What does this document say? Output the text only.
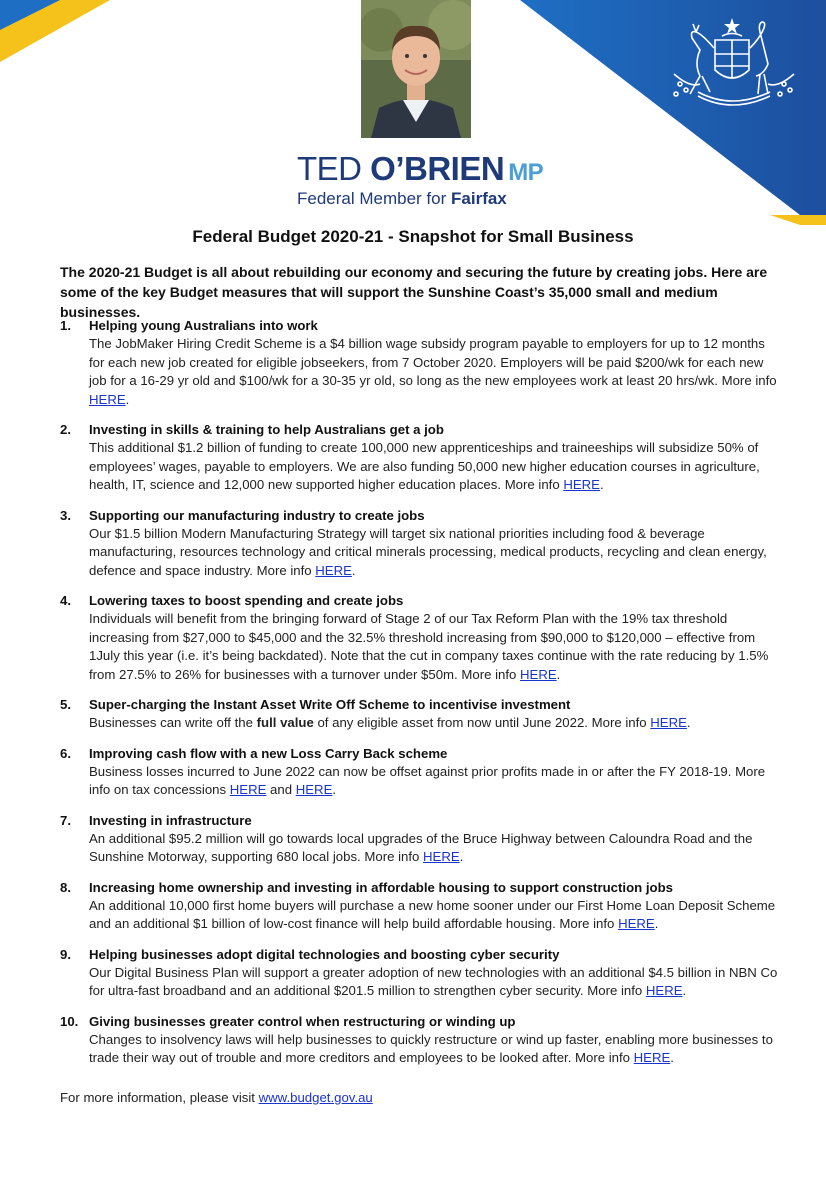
TED O’BRIEN MP
Federal Member for Fairfax
Federal Budget 2020-21 - Snapshot for Small Business
The 2020-21 Budget is all about rebuilding our economy and securing the future by creating jobs. Here are some of the key Budget measures that will support the Sunshine Coast’s 35,000 small and medium businesses.
1.	Helping young Australians into work
The JobMaker Hiring Credit Scheme is a $4 billion wage subsidy program payable to employers for up to 12 months for each new job created for eligible jobseekers, from 7 October 2020. Employers will be paid $200/wk for each new job for a 16-29 yr old and $100/wk for a 30-35 yr old, so long as the new employees work at least 20 hrs/wk. More info HERE.
2.	Investing in skills & training to help Australians get a job
This additional $1.2 billion of funding to create 100,000 new apprenticeships and traineeships will subsidize 50% of employees’ wages, payable to employers. We are also funding 50,000 new higher education courses in agriculture, health, IT, science and 12,000 new supported higher education places. More info HERE.
3.	Supporting our manufacturing industry to create jobs
Our $1.5 billion Modern Manufacturing Strategy will target six national priorities including food & beverage manufacturing, resources technology and critical minerals processing, medical products, recycling and clean energy, defence and space industry. More info HERE.
4.	Lowering taxes to boost spending and create jobs
Individuals will benefit from the bringing forward of Stage 2 of our Tax Reform Plan with the 19% tax threshold increasing from $27,000 to $45,000 and the 32.5% threshold increasing from $90,000 to $120,000 – effective from 1July this year (i.e. it’s being backdated). Note that the cut in company taxes continue with the rate reducing by 1.5% from 27.5% to 26% for businesses with a turnover under $50m. More info HERE.
5.	Super-charging the Instant Asset Write Off Scheme to incentivise investment
Businesses can write off the full value of any eligible asset from now until June 2022. More info HERE.
6.	Improving cash flow with a new Loss Carry Back scheme
Business losses incurred to June 2022 can now be offset against prior profits made in or after the FY 2018-19. More info on tax concessions HERE and HERE.
7.	Investing in infrastructure
An additional $95.2 million will go towards local upgrades of the Bruce Highway between Caloundra Road and the Sunshine Motorway, supporting 680 local jobs. More info HERE.
8.	Increasing home ownership and investing in affordable housing to support construction jobs
An additional 10,000 first home buyers will purchase a new home sooner under our First Home Loan Deposit Scheme and an additional $1 billion of low-cost finance will help build affordable housing. More info HERE.
9.	Helping businesses adopt digital technologies and boosting cyber security
Our Digital Business Plan will support a greater adoption of new technologies with an additional $4.5 billion in NBN Co for ultra-fast broadband and an additional $201.5 million to strengthen cyber security. More info HERE.
10. Giving businesses greater control when restructuring or winding up
Changes to insolvency laws will help businesses to quickly restructure or wind up faster, enabling more businesses to trade their way out of trouble and more creditors and employees to be looked after. More info HERE.
For more information, please visit www.budget.gov.au
